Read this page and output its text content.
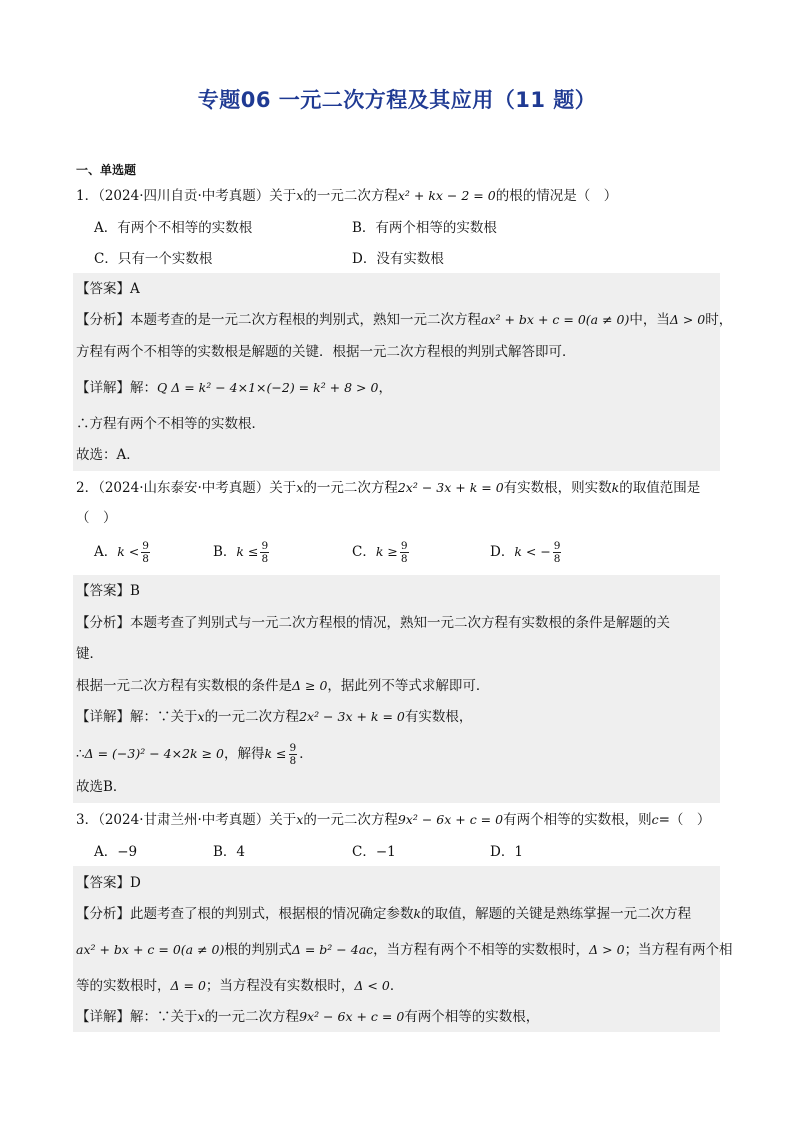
专题06 一元二次方程及其应用（11 题）
一、单选题
1．（2024·四川自贡·中考真题）关于x的一元二次方程x² + kx − 2 = 0的根的情况是（　）
A．有两个不相等的实数根	B．有两个相等的实数根
C．只有一个实数根	D．没有实数根
【答案】A
【分析】本题考查的是一元二次方程根的判别式，熟知一元二次方程ax² + bx + c = 0(a ≠ 0)中，当Δ > 0时，
方程有两个不相等的实数根是解题的关键．根据一元二次方程根的判别式解答即可．
【详解】解：Q Δ = k² − 4×1×(−2) = k² + 8 > 0，
∴方程有两个不相等的实数根．
故选：A．
2．（2024·山东泰安·中考真题）关于x的一元二次方程2x² − 3x + k = 0有实数根，则实数k的取值范围是
（　）
A．$k < \frac{9}{8}$	B．$k \le \frac{9}{8}$	C．$k \ge \frac{9}{8}$	D．k < − $\frac{9}{8}$
【答案】B
【分析】本题考查了判别式与一元二次方程根的情况，熟知一元二次方程有实数根的条件是解题的关
键．
根据一元二次方程有实数根的条件是Δ ≥ 0，据此列不等式求解即可．
【详解】解：∵关于x的一元二次方程2x² − 3x + k = 0有实数根，
∴Δ = (−3)² − 4×2k ≥ 0，解得$k \le \frac{9}{8}$ ．
故选B．
3．（2024·甘肃兰州·中考真题）关于x的一元二次方程9x² − 6x + c = 0有两个相等的实数根，则c=（　）
A．−9	B．4	C．−1	D．1
【答案】D
【分析】此题考查了根的判别式，根据根的情况确定参数k的取值，解题的关键是熟练掌握一元二次方程
ax² + bx + c = 0(a ≠ 0)根的判别式Δ = b² − 4ac，当方程有两个不相等的实数根时，Δ > 0；当方程有两个相
等的实数根时，Δ = 0；当方程没有实数根时，Δ < 0．
【详解】解：∵关于x的一元二次方程9x² − 6x + c = 0有两个相等的实数根，
